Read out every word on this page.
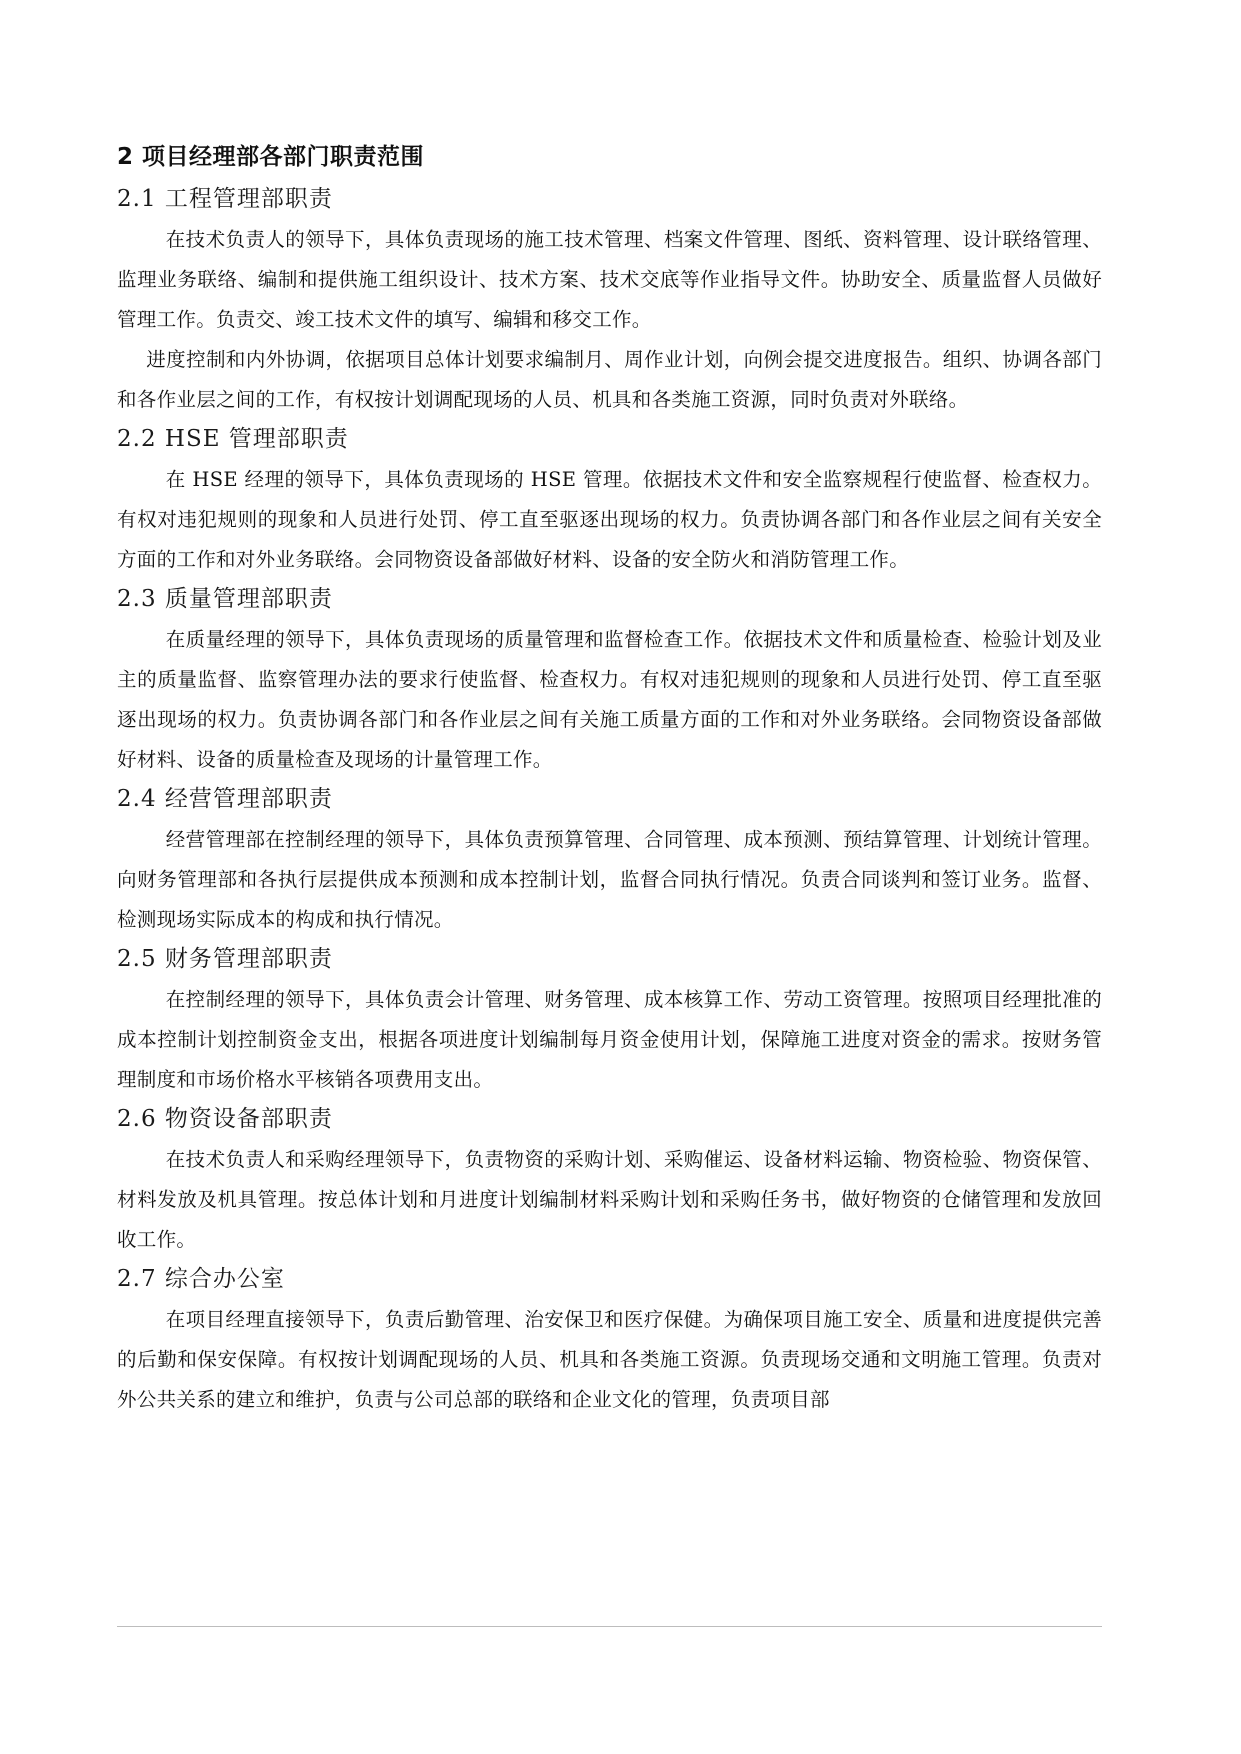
2 项目经理部各部门职责范围
2.1 工程管理部职责

在技术负责人的领导下，具体负责现场的施工技术管理、档案文件管理、图纸、资料管理、设计联络管理、监理业务联络、编制和提供施工组织设计、技术方案、技术交底等作业指导文件。协助安全、质量监督人员做好管理工作。负责交、竣工技术文件的填写、编辑和移交工作。

进度控制和内外协调，依据项目总体计划要求编制月、周作业计划，向例会提交进度报告。组织、协调各部门和各作业层之间的工作，有权按计划调配现场的人员、机具和各类施工资源，同时负责对外联络。

2.2 HSE 管理部职责

在 HSE 经理的领导下，具体负责现场的 HSE 管理。依据技术文件和安全监察规程行使监督、检查权力。有权对违犯规则的现象和人员进行处罚、停工直至驱逐出现场的权力。负责协调各部门和各作业层之间有关安全方面的工作和对外业务联络。会同物资设备部做好材料、设备的安全防火和消防管理工作。

2.3 质量管理部职责

在质量经理的领导下，具体负责现场的质量管理和监督检查工作。依据技术文件和质量检查、检验计划及业主的质量监督、监察管理办法的要求行使监督、检查权力。有权对违犯规则的现象和人员进行处罚、停工直至驱逐出现场的权力。负责协调各部门和各作业层之间有关施工质量方面的工作和对外业务联络。会同物资设备部做好材料、设备的质量检查及现场的计量管理工作。

2.4 经营管理部职责

经营管理部在控制经理的领导下，具体负责预算管理、合同管理、成本预测、预结算管理、计划统计管理。向财务管理部和各执行层提供成本预测和成本控制计划，监督合同执行情况。负责合同谈判和签订业务。监督、检测现场实际成本的构成和执行情况。

2.5 财务管理部职责

在控制经理的领导下，具体负责会计管理、财务管理、成本核算工作、劳动工资管理。按照项目经理批准的成本控制计划控制资金支出，根据各项进度计划编制每月资金使用计划，保障施工进度对资金的需求。按财务管理制度和市场价格水平核销各项费用支出。

2.6 物资设备部职责

在技术负责人和采购经理领导下，负责物资的采购计划、采购催运、设备材料运输、物资检验、物资保管、材料发放及机具管理。按总体计划和月进度计划编制材料采购计划和采购任务书，做好物资的仓储管理和发放回收工作。

2.7 综合办公室

在项目经理直接领导下，负责后勤管理、治安保卫和医疗保健。为确保项目施工安全、质量和进度提供完善的后勤和保安保障。有权按计划调配现场的人员、机具和各类施工资源。负责现场交通和文明施工管理。负责对外公共关系的建立和维护，负责与公司总部的联络和企业文化的管理，负责项目部
